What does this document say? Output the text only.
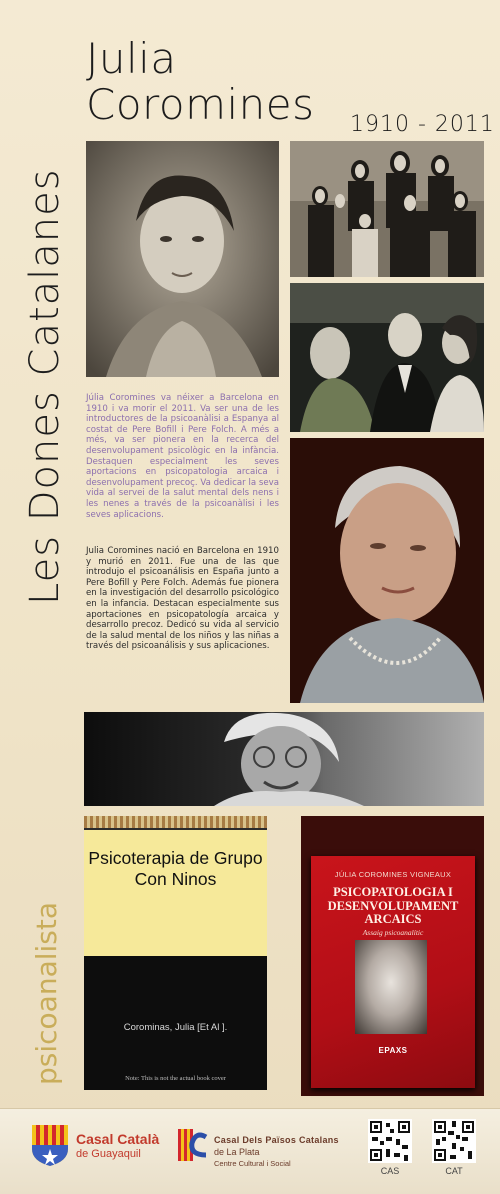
Julia
Coromines 1910 - 2011
Les Dones Catalanes Júlia Coromines va néixer a Barcelona en 1910 i va morir el 2011. Va ser una de les introductores de la psicoanàlisi a Espanya al costat de Pere Bofill i Pere Folch. A més a més, va ser pionera en la recerca del desenvolupament psicològic en la infància. Destaquen especialment les seves aportacions en psicopatologia arcaica i desenvolupament precoç. Va dedicar la seva vida al servei de la salut mental dels nens i les nenes a través de la psicoanàlisi i les seves aplicacions.
Julia Coromines nació en Barcelona en 1910 y murió en 2011. Fue una de las que introdujo el psicoanálisis en España junto a Pere Bofill y Pere Folch. Además fue pionera en la investigación del desarrollo psicológico en la infancia. Destacan especialmente sus aportaciones en psicopatología arcaica y desarrollo precoz. Dedicó su vida al servicio de la salud mental de los niños y las niñas a través del psicoanálisis y sus aplicaciones.
Psicoterapia de Grupo Con Ninos
Corominas, Julia [Et Al ].
Note: This is not the actual book cover
JÚLIA COROMINES VIGNEAUX
PSICOPATOLOGIA I DESENVOLUPAMENT ARCAICS
Assaig psicoanalític
EPAXS
psicoanalista
Casal Català
de Guayaquil
Casal Dels Països Catalans
de La Plata
Centre Cultural i Social
CAS	CAT
